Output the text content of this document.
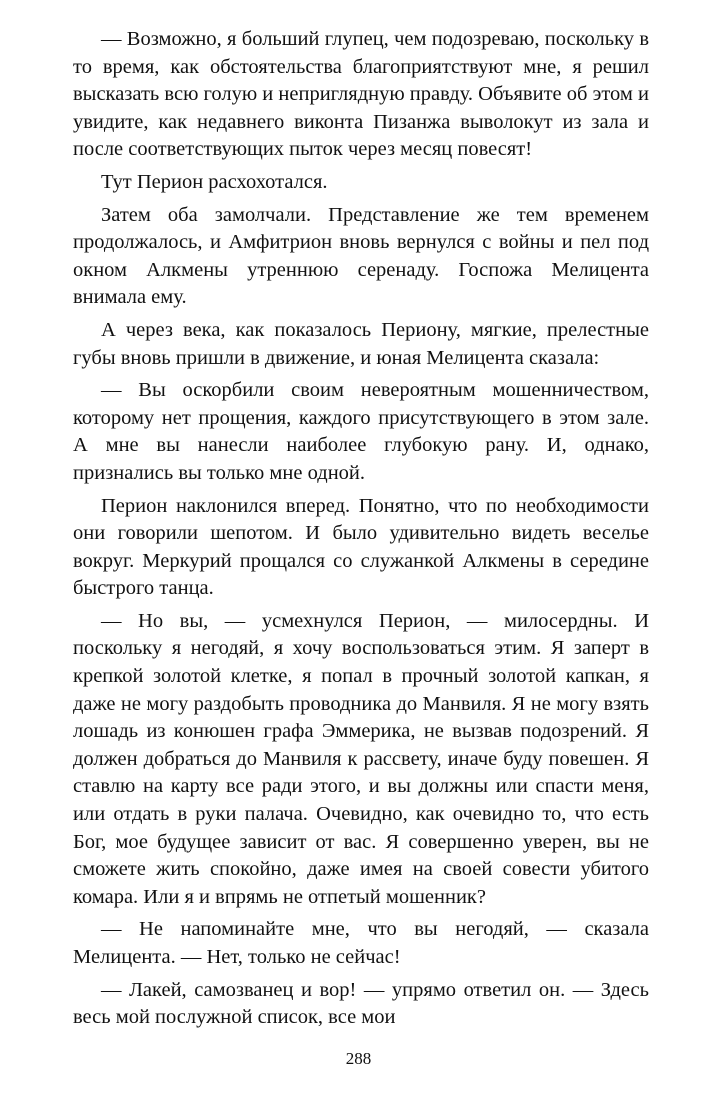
— Возможно, я больший глупец, чем подозреваю, поскольку в то время, как обстоятельства благоприятствуют мне, я решил высказать всю голую и неприглядную правду. Объявите об этом и увидите, как недавнего виконта Пизанжа выволокут из зала и после соответствующих пыток через месяц повесят!

Тут Перион расхохотался.

Затем оба замолчали. Представление же тем временем продолжалось, и Амфитрион вновь вернулся с войны и пел под окном Алкмены утреннюю серенаду. Госпожа Мелицента внимала ему.

А через века, как показалось Периону, мягкие, прелестные губы вновь пришли в движение, и юная Мелицента сказала:

— Вы оскорбили своим невероятным мошенничеством, которому нет прощения, каждого присутствующего в этом зале. А мне вы нанесли наиболее глубокую рану. И, однако, признались вы только мне одной.

Перион наклонился вперед. Понятно, что по необходимости они говорили шепотом. И было удивительно видеть веселье вокруг. Меркурий прощался со служанкой Алкмены в середине быстрого танца.

— Но вы, — усмехнулся Перион, — милосердны. И поскольку я негодяй, я хочу воспользоваться этим. Я заперт в крепкой золотой клетке, я попал в прочный золотой капкан, я даже не могу раздобыть проводника до Манвиля. Я не могу взять лошадь из конюшен графа Эммерика, не вызвав подозрений. Я должен добраться до Манвиля к рассвету, иначе буду повешен. Я ставлю на карту все ради этого, и вы должны или спасти меня, или отдать в руки палача. Очевидно, как очевидно то, что есть Бог, мое будущее зависит от вас. Я совершенно уверен, вы не сможете жить спокойно, даже имея на своей совести убитого комара. Или я и впрямь не отпетый мошенник?

— Не напоминайте мне, что вы негодяй, — сказала Мелицента. — Нет, только не сейчас!

— Лакей, самозванец и вор! — упрямо ответил он. — Здесь весь мой послужной список, все мои

288
